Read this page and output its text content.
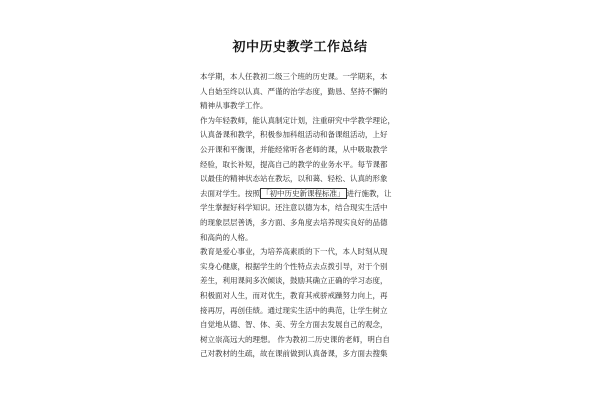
初中历史教学工作总结
本学期，本人任教初二级三个班的历史课。一学期来，本
人自始至终以认真、严谨的治学态度，勤恳、坚持不懈的
精神从事教学工作。
作为年轻教师，能认真制定计划，注重研究中学教学理论，
认真备课和教学，积极参加科组活动和备课组活动，上好
公开课和平衡课，并能经常听各老师的课，从中吸取教学
经验，取长补短，提高自己的教学的业务水平。每节课都
以最佳的精神状态站在教坛，以和蔼、轻松、认真的形象
去面对学生。按照 「初中历史新课程标准」 进行施教，让
学生掌握好科学知识。还注意以德为本，结合现实生活中
的现象层层善诱，多方面、多角度去培养现实良好的品德
和高尚的人格。
教育是爱心事业，为培养高素质的下一代，本人时刻从现
实身心健康，根据学生的个性特点去点拨引导，对于个别
差生，利用课间多次倾谈，鼓励其确立正确的学习态度，
积极面对人生，而对优生，教育其戒骄戒躁努力向上，再
接再厉，再创佳绩。通过现实生活中的典范，让学生树立
自觉地从德、智、体、美、劳全方面去发展自己的观念，
树立崇高远大的理想。 作为教初二历史课的老师，明白自
己对教材的生疏，故在课前做到认真备课，多方面去搜集
